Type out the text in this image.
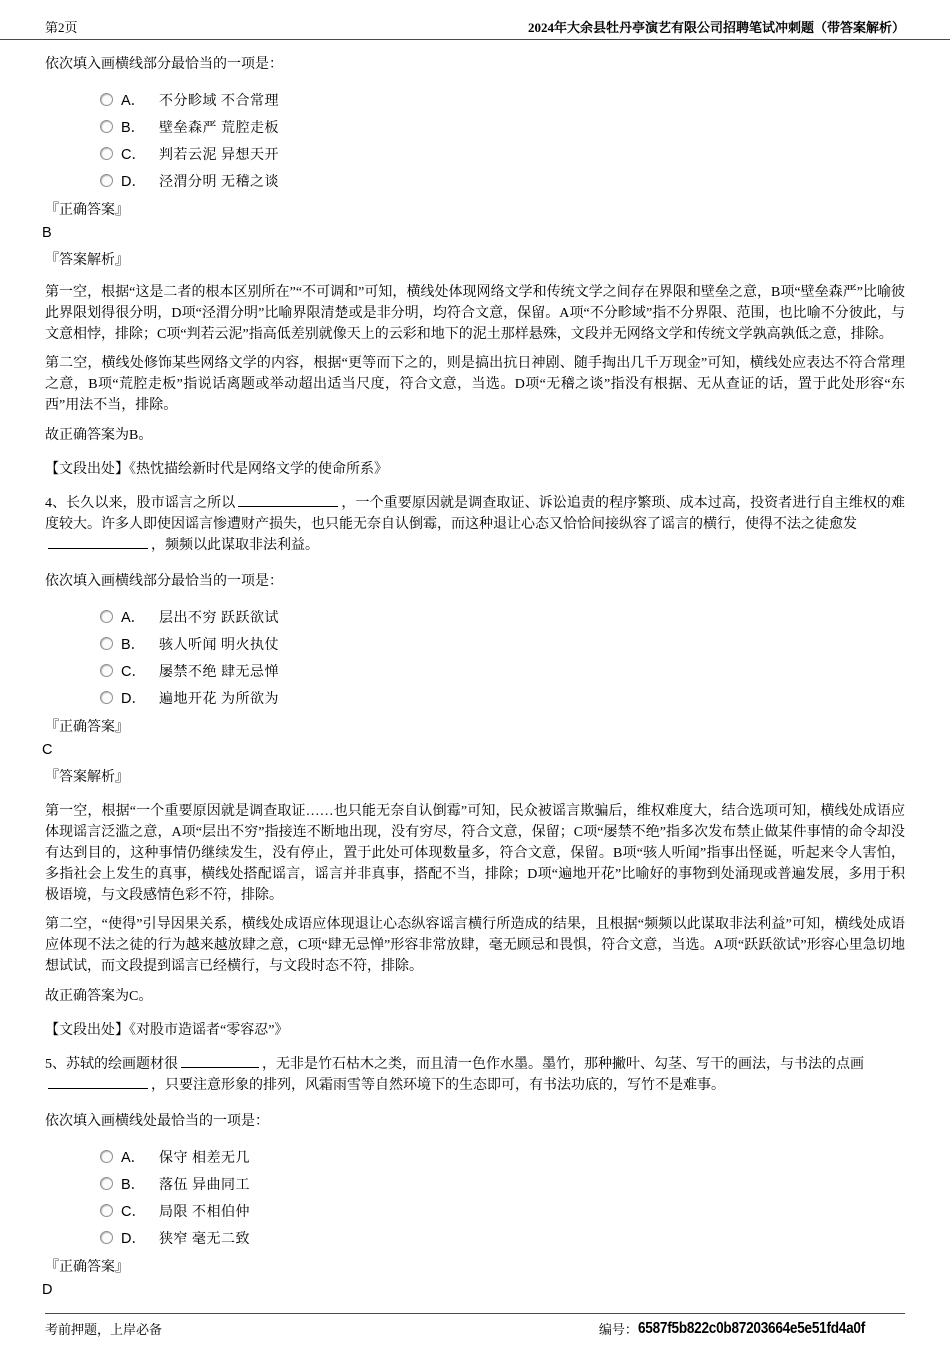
第2页	2024年大余县牡丹亭演艺有限公司招聘笔试冲刺题（带答案解析）

依次填入画横线部分最恰当的一项是：

A． 不分畛域 不合常理
B． 壁垒森严 荒腔走板
C． 判若云泥 异想天开
D． 泾渭分明 无稽之谈

『正确答案』

B

『答案解析』

第一空，根据“这是二者的根本区别所在”“不可调和”可知，横线处体现网络文学和传统文学之间存在界限和壁垒之意，B项“壁垒森严”比喻彼此界限划得很分明，D项“泾渭分明”比喻界限清楚或是非分明，均符合文意，保留。A项“不分畛域”指不分界限、范围，也比喻不分彼此，与文意相悖，排除；C项“判若云泥”指高低差别就像天上的云彩和地下的泥土那样悬殊，文段并无网络文学和传统文学孰高孰低之意，排除。

第二空，横线处修饰某些网络文学的内容，根据“更等而下之的，则是搞出抗日神剧、随手掏出几千万现金”可知，横线处应表达不符合常理之意，B项“荒腔走板”指说话离题或举动超出适当尺度，符合文意，当选。D项“无稽之谈”指没有根据、无从查证的话，置于此处形容“东西”用法不当，排除。

故正确答案为B。

【文段出处】《热忱描绘新时代是网络文学的使命所系》

4、长久以来，股市谣言之所以	，一个重要原因就是调查取证、诉讼追责的程序繁琐、成本过高，投资者进行自主维权的难度较大。许多人即使因谣言惨遭财产损失，也只能无奈自认倒霉，而这种退让心态又恰恰间接纵容了谣言的横行，使得不法之徒愈发
，频频以此谋取非法利益。

依次填入画横线部分最恰当的一项是：

A． 层出不穷 跃跃欲试
B． 骇人听闻 明火执仗
C． 屡禁不绝 肆无忌惮
D． 遍地开花 为所欲为

『正确答案』

C

『答案解析』

第一空，根据“一个重要原因就是调查取证……也只能无奈自认倒霉”可知，民众被谣言欺骗后，维权难度大，结合选项可知，横线处成语应体现谣言泛滥之意，A项“层出不穷”指接连不断地出现，没有穷尽，符合文意，保留；C项“屡禁不绝”指多次发布禁止做某件事情的命令却没有达到目的，这种事情仍继续发生，没有停止，置于此处可体现数量多，符合文意，保留。B项“骇人听闻”指事出怪诞，听起来令人害怕，多指社会上发生的真事，横线处搭配谣言，谣言并非真事，搭配不当，排除；D项“遍地开花”比喻好的事物到处涌现或普遍发展，多用于积极语境，与文段感情色彩不符，排除。

第二空，“使得”引导因果关系，横线处成语应体现退让心态纵容谣言横行所造成的结果，且根据“频频以此谋取非法利益”可知，横线处成语应体现不法之徒的行为越来越放肆之意，C项“肆无忌惮”形容非常放肆，毫无顾忌和畏惧，符合文意，当选。A项“跃跃欲试”形容心里急切地想试试，而文段提到谣言已经横行，与文段时态不符，排除。

故正确答案为C。

【文段出处】《对股市造谣者“零容忍”》

5、苏轼的绘画题材很	，无非是竹石枯木之类，而且清一色作水墨。墨竹，那种撇叶、勾茎、写干的画法，与书法的点画
，只要注意形象的排列，风霜雨雪等自然环境下的生态即可，有书法功底的，写竹不是难事。

依次填入画横线处最恰当的一项是：

A． 保守 相差无几
B． 落伍 异曲同工
C． 局限 不相伯仲
D． 狭窄 毫无二致

『正确答案』

D

考前押题，上岸必备	编号： 6587f5b822c0b87203664e5e51fd4a0f
